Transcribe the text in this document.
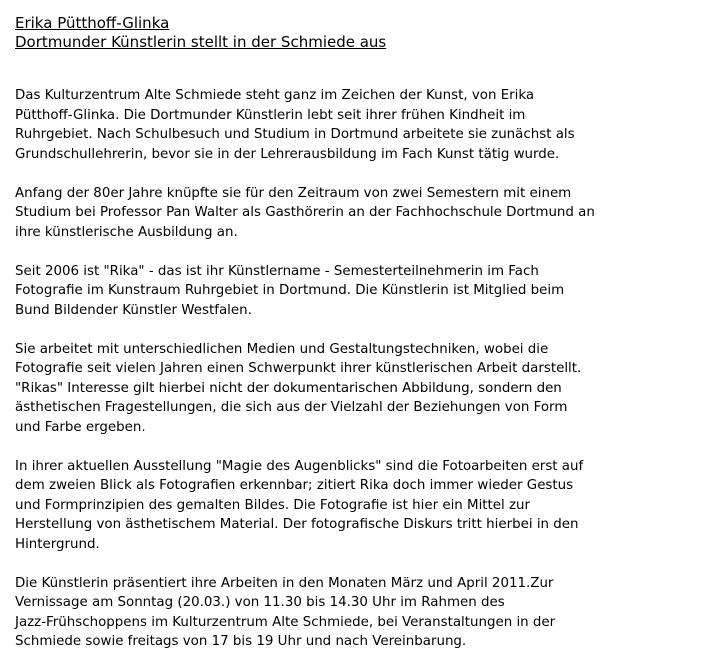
Erika Pütthoff-Glinka
Dortmunder Künstlerin stellt in der Schmiede aus

Das Kulturzentrum Alte Schmiede steht ganz im Zeichen der Kunst, von Erika
Pütthoff-Glinka. Die Dortmunder Künstlerin lebt seit ihrer frühen Kindheit im
Ruhrgebiet. Nach Schulbesuch und Studium in Dortmund arbeitete sie zunächst als
Grundschullehrerin, bevor sie in der Lehrerausbildung im Fach Kunst tätig wurde.

Anfang der 80er Jahre knüpfte sie für den Zeitraum von zwei Semestern mit einem
Studium bei Professor Pan Walter als Gasthörerin an der Fachhochschule Dortmund an
ihre künstlerische Ausbildung an.

Seit 2006 ist "Rika" - das ist ihr Künstlername - Semesterteilnehmerin im Fach
Fotografie im Kunstraum Ruhrgebiet in Dortmund. Die Künstlerin ist Mitglied beim
Bund Bildender Künstler Westfalen.

Sie arbeitet mit unterschiedlichen Medien und Gestaltungstechniken, wobei die
Fotografie seit vielen Jahren einen Schwerpunkt ihrer künstlerischen Arbeit darstellt.
"Rikas" Interesse gilt hierbei nicht der dokumentarischen Abbildung, sondern den
ästhetischen Fragestellungen, die sich aus der Vielzahl der Beziehungen von Form
und Farbe ergeben.

In ihrer aktuellen Ausstellung "Magie des Augenblicks" sind die Fotoarbeiten erst auf
dem zweien Blick als Fotografien erkennbar; zitiert Rika doch immer wieder Gestus
und Formprinzipien des gemalten Bildes. Die Fotografie ist hier ein Mittel zur
Herstellung von ästhetischem Material. Der fotografische Diskurs tritt hierbei in den
Hintergrund.

Die Künstlerin präsentiert ihre Arbeiten in den Monaten März und April 2011.Zur
Vernissage am Sonntag (20.03.) von 11.30 bis 14.30 Uhr im Rahmen des
Jazz-Frühschoppens im Kulturzentrum Alte Schmiede, bei Veranstaltungen in der
Schmiede sowie freitags von 17 bis 19 Uhr und nach Vereinbarung.
